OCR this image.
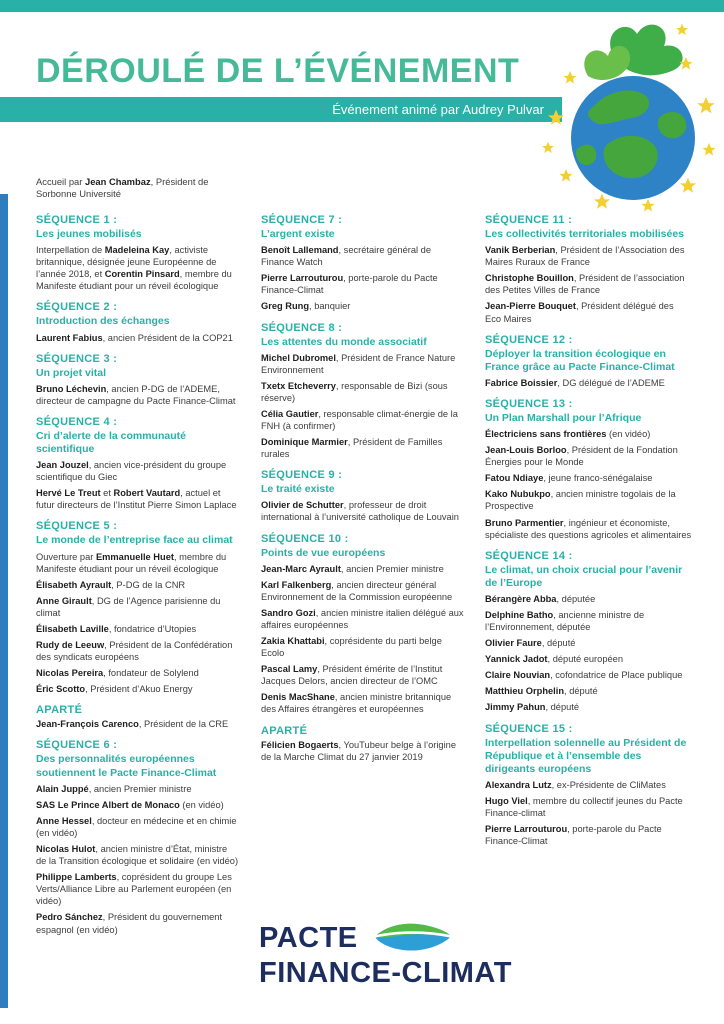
DÉROULÉ DE L’ÉVÉNEMENT
Événement animé par Audrey Pulvar

Accueil par Jean Chambaz, Président de Sorbonne Université

SÉQUENCE 1 :
Les jeunes mobilisés

Interpellation de Madeleina Kay, activiste britannique, désignée jeune Européenne de l’année 2018, et Corentin Pinsard, membre du Manifeste étudiant pour un réveil écologique

SÉQUENCE 2 :
Introduction des échanges

Laurent Fabius, ancien Président de la COP21

SÉQUENCE 3 :
Un projet vital

Bruno Léchevin, ancien P-DG de l’ADEME, directeur de campagne du Pacte Finance-Climat

SÉQUENCE 4 :
Cri d’alerte de la communauté scientifique

Jean Jouzel, ancien vice-président du groupe scientifique du Giec

Hervé Le Treut et Robert Vautard, actuel et futur directeurs de l’Institut Pierre Simon Laplace

SÉQUENCE 5 :
Le monde de l’entreprise face au climat

Ouverture par Emmanuelle Huet, membre du Manifeste étudiant pour un réveil écologique

Élisabeth Ayrault, P-DG de la CNR

Anne Girault, DG de l’Agence parisienne du climat

Élisabeth Laville, fondatrice d’Utopies

Rudy de Leeuw, Président de la Confédération des syndicats européens

Nicolas Pereira, fondateur de Solylend

Éric Scotto, Président d’Akuo Energy

APARTÉ

Jean-François Carenco, Président de la CRE

SÉQUENCE 6 :
Des personnalités européennes soutiennent le Pacte Finance-Climat

Alain Juppé, ancien Premier ministre

SAS Le Prince Albert de Monaco (en vidéo)

Anne Hessel, docteur en médecine et en chimie (en vidéo)

Nicolas Hulot, ancien ministre d’État, ministre de la Transition écologique et solidaire (en vidéo)

Philippe Lamberts, coprésident du groupe Les Verts/Alliance Libre au Parlement européen (en vidéo)

Pedro Sánchez, Président du gouvernement espagnol (en vidéo)

SÉQUENCE 7 :
L’argent existe

Benoît Lallemand, secrétaire général de Finance Watch

Pierre Larrouturou, porte-parole du Pacte Finance-Climat

Greg Rung, banquier

SÉQUENCE 8 :
Les attentes du monde associatif

Michel Dubromel, Président de France Nature Environnement

Txetx Etcheverry, responsable de Bizi (sous réserve)

Célia Gautier, responsable climat-énergie de la FNH (à confirmer)

Dominique Marmier, Président de Familles rurales

SÉQUENCE 9 :
Le traité existe

Olivier de Schutter, professeur de droit international à l’université catholique de Louvain

SÉQUENCE 10 :
Points de vue européens

Jean-Marc Ayrault, ancien Premier ministre

Karl Falkenberg, ancien directeur général Environnement de la Commission européenne

Sandro Gozi, ancien ministre italien délégué aux affaires européennes

Zakia Khattabi, coprésidente du parti belge Ecolo

Pascal Lamy, Président émérite de l’Institut Jacques Delors, ancien directeur de l’OMC

Denis MacShane, ancien ministre britannique des Affaires étrangères et européennes

APARTÉ

Félicien Bogaerts, YouTubeur belge à l’origine de la Marche Climat du 27 janvier 2019

SÉQUENCE 11 :
Les collectivités territoriales mobilisées

Vanik Berberian, Président de l’Association des Maires Ruraux de France

Christophe Bouillon, Président de l’association des Petites Villes de France

Jean-Pierre Bouquet, Président délégué des Eco Maires

SÉQUENCE 12 :
Déployer la transition écologique en France grâce au Pacte Finance-Climat

Fabrice Boissier, DG délégué de l’ADEME

SÉQUENCE 13 :
Un Plan Marshall pour l’Afrique

Électriciens sans frontières (en vidéo)

Jean-Louis Borloo, Président de la Fondation Énergies pour le Monde

Fatou Ndiaye, jeune franco-sénégalaise

Kako Nubukpo, ancien ministre togolais de la Prospective

Bruno Parmentier, ingénieur et économiste, spécialiste des questions agricoles et alimentaires

SÉQUENCE 14 :
Le climat, un choix crucial pour l’avenir de l’Europe

Bérangère Abba, députée

Delphine Batho, ancienne ministre de l’Environnement, députée

Olivier Faure, député

Yannick Jadot, député européen

Claire Nouvian, cofondatrice de Place publique

Matthieu Orphelin, député

Jimmy Pahun, député

SÉQUENCE 15 :
Interpellation solennelle au Président de République et à l’ensemble des dirigeants européens

Alexandra Lutz, ex-Présidente de CliMates

Hugo Viel, membre du collectif jeunes du Pacte Finance-climat

Pierre Larrouturou, porte-parole du Pacte Finance-Climat

PACTE
FINANCE-CLIMAT
